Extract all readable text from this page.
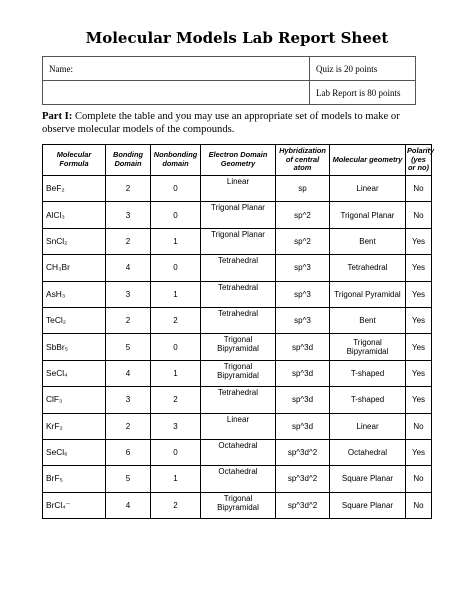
Molecular Models Lab Report Sheet
Name:	Quiz is 20 points
	Lab Report is 80 points
Part I: Complete the table and you may use an appropriate set of models to make or observe molecular models of the compounds.
Molecular Formula	Bonding Domain	Nonbonding domain	Electron Domain Geometry	Hybridization of central atom	Molecular geometry	Polarity (yes or no)
BeF₂	2	0	Linear	sp	Linear	No
AlCl₃	3	0	Trigonal Planar	sp^2	Trigonal Planar	No
SnCl₂	2	1	Trigonal Planar	sp^2	Bent	Yes
CH₃Br	4	0	Tetrahedral	sp^3	Tetrahedral	Yes
AsH₃	3	1	Tetrahedral	sp^3	Trigonal Pyramidal	Yes
TeCl₂	2	2	Tetrahedral	sp^3	Bent	Yes
SbBr₅	5	0	Trigonal Bipyramidal	sp^3d	Trigonal Bipyramidal	Yes
SeCl₄	4	1	Trigonal Bipyramidal	sp^3d	T-shaped	Yes
ClF₃	3	2	Tetrahedral	sp^3d	T-shaped	Yes
KrF₂	2	3	Linear	sp^3d	Linear	No
SeCl₆	6	0	Octahedral	sp^3d^2	Octahedral	Yes
BrF₅	5	1	Octahedral	sp^3d^2	Square Planar	No
BrCl₄⁻	4	2	Trigonal Bipyramidal	sp^3d^2	Square Planar	No
